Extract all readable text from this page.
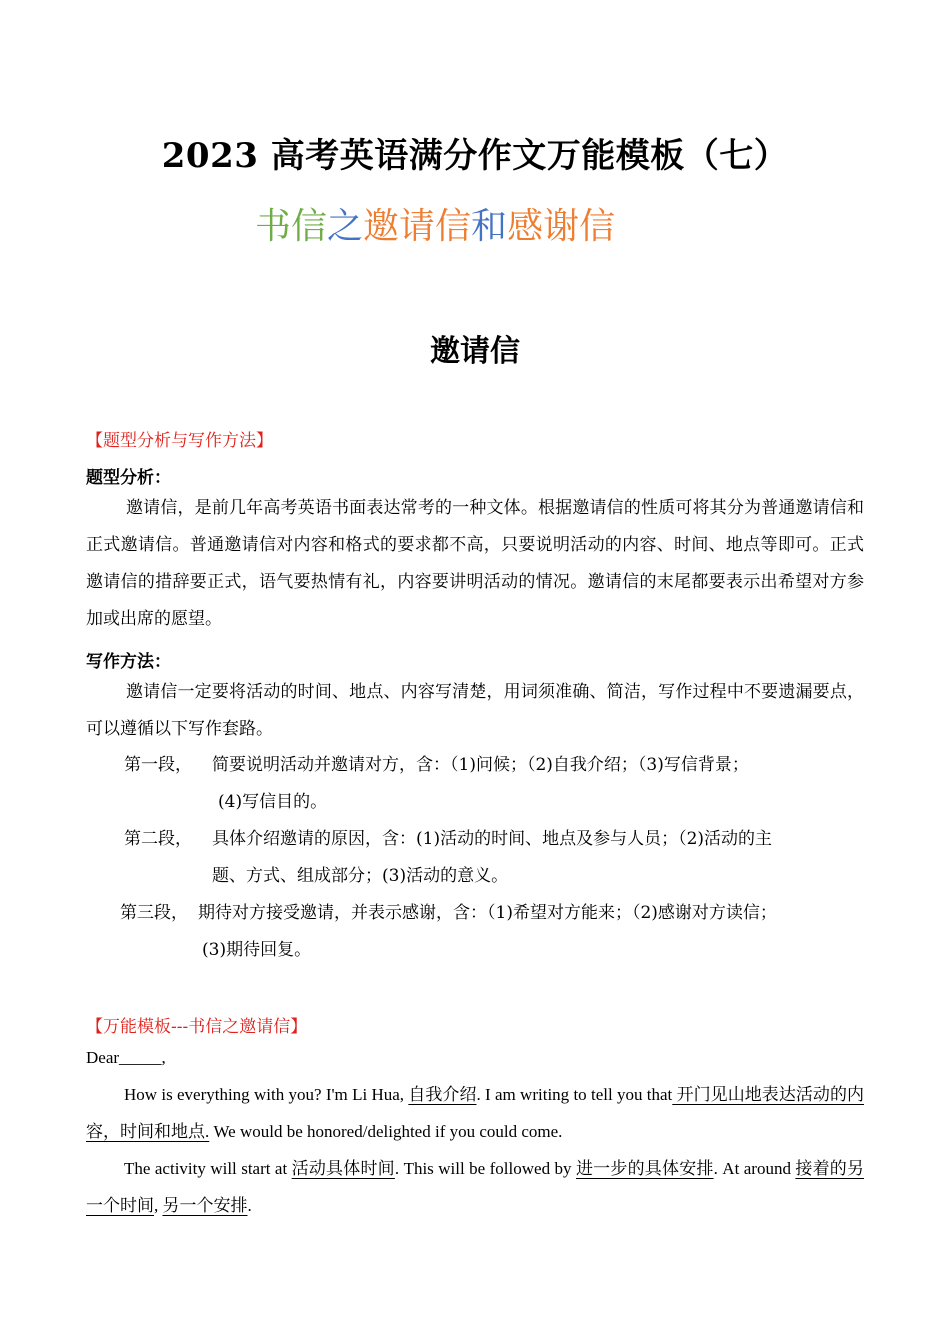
2023 高考英语满分作文万能模板（七）
书信之邀请信和感谢信
邀请信
【题型分析与写作方法】
题型分析：
邀请信，是前几年高考英语书面表达常考的一种文体。根据邀请信的性质可将其分为普通邀请信和正式邀请信。普通邀请信对内容和格式的要求都不高，只要说明活动的内容、时间、地点等即可。正式邀请信的措辞要正式，语气要热情有礼，内容要讲明活动的情况。邀请信的末尾都要表示出希望对方参加或出席的愿望。
写作方法：
邀请信一定要将活动的时间、地点、内容写清楚，用词须准确、简洁，写作过程中不要遗漏要点，可以遵循以下写作套路。
第一段， 简要说明活动并邀请对方，含：（1)问候；（2)自我介绍；（3)写信背景；
(4)写信目的。
第二段， 具体介绍邀请的原因，含：(1)活动的时间、地点及参与人员；（2)活动的主
题、方式、组成部分；(3)活动的意义。
第三段， 期待对方接受邀请，并表示感谢，含：（1)希望对方能来；（2)感谢对方读信；
(3)期待回复。
【万能模板---书信之邀请信】
Dear_____,
How is everything with you? I'm Li Hua, 自我介绍. I am writing to tell you that 开门见山地表达活动的内容，时间和地点. We would be honored/delighted if you could come.
The activity will start at 活动具体时间. This will be followed by 进一步的具体安排. At around 接着的另一个时间, 另一个安排.
